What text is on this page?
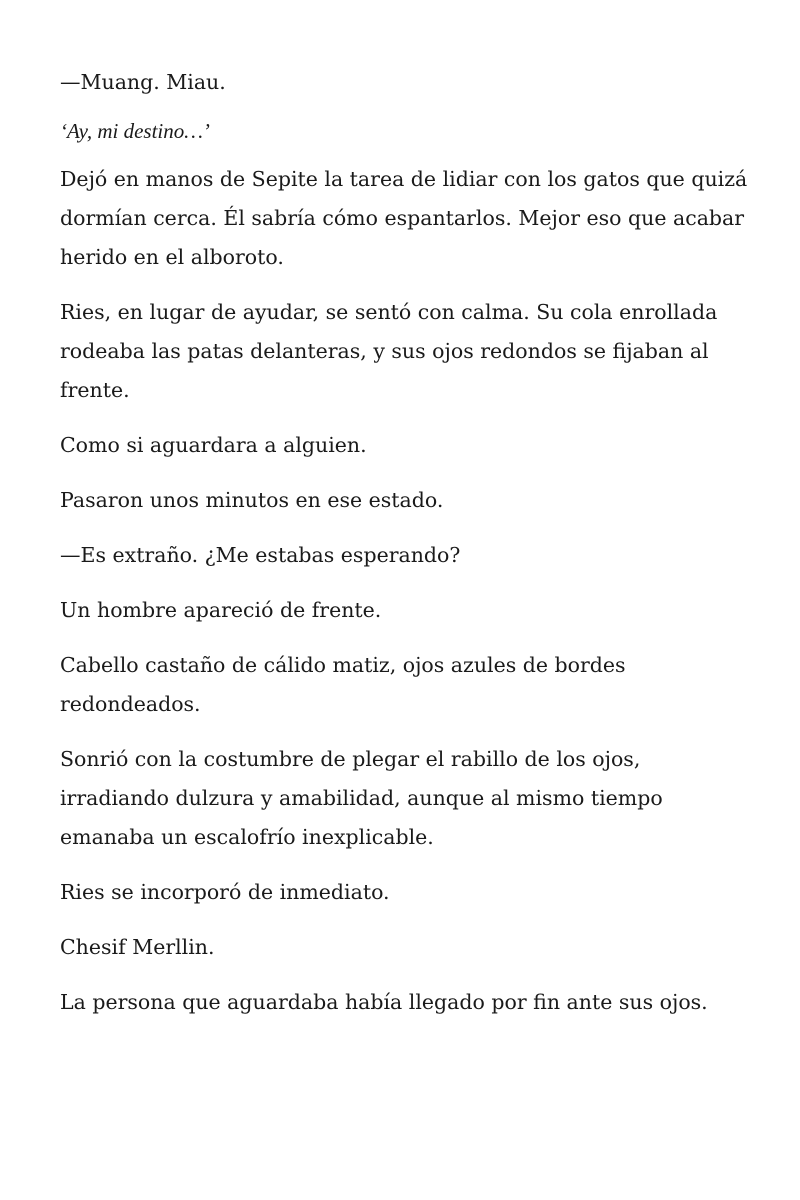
—Muang. Miau.

‘Ay, mi destino…’

Dejó en manos de Sepite la tarea de lidiar con los gatos que quizá dormían cerca. Él sabría cómo espantarlos. Mejor eso que acabar herido en el alboroto.

Ries, en lugar de ayudar, se sentó con calma. Su cola enrollada rodeaba las patas delanteras, y sus ojos redondos se fijaban al frente.

Como si aguardara a alguien.

Pasaron unos minutos en ese estado.

—Es extraño. ¿Me estabas esperando?

Un hombre apareció de frente.

Cabello castaño de cálido matiz, ojos azules de bordes redondeados.

Sonrió con la costumbre de plegar el rabillo de los ojos, irradiando dulzura y amabilidad, aunque al mismo tiempo emanaba un escalofrío inexplicable.

Ries se incorporó de inmediato.

Chesif Merllin.

La persona que aguardaba había llegado por fin ante sus ojos.
